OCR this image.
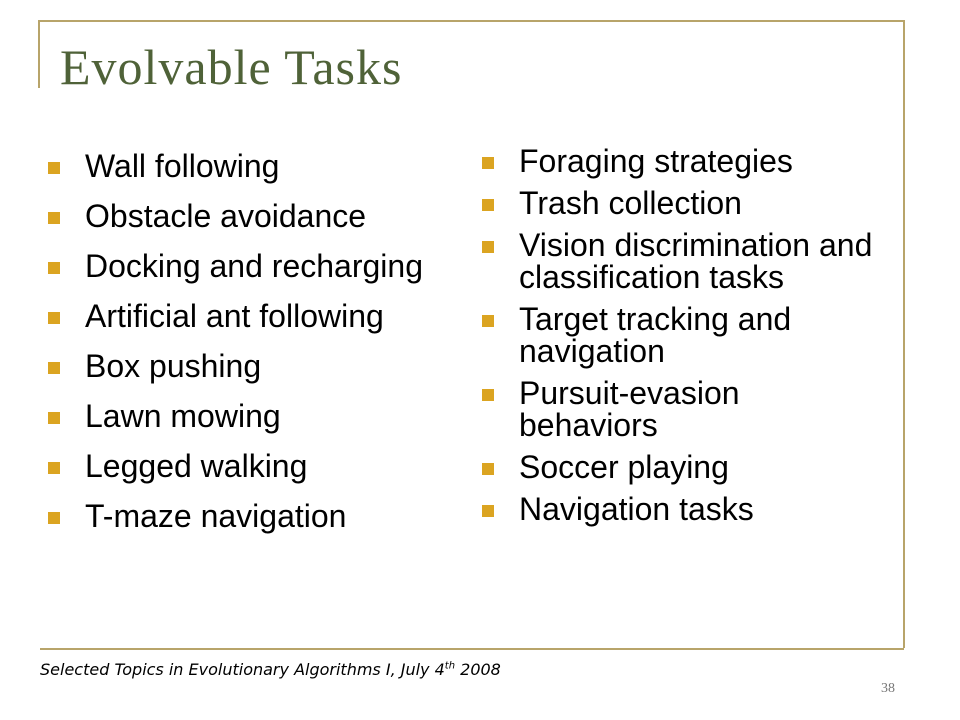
Evolvable Tasks
Wall following
Obstacle avoidance
Docking and recharging
Artificial ant following
Box pushing
Lawn mowing
Legged walking
T-maze navigation
Foraging strategies
Trash collection
Vision discrimination and classification tasks
Target tracking and navigation
Pursuit-evasion behaviors
Soccer playing
Navigation tasks
Selected Topics in Evolutionary Algorithms I, July 4th 2008
38
